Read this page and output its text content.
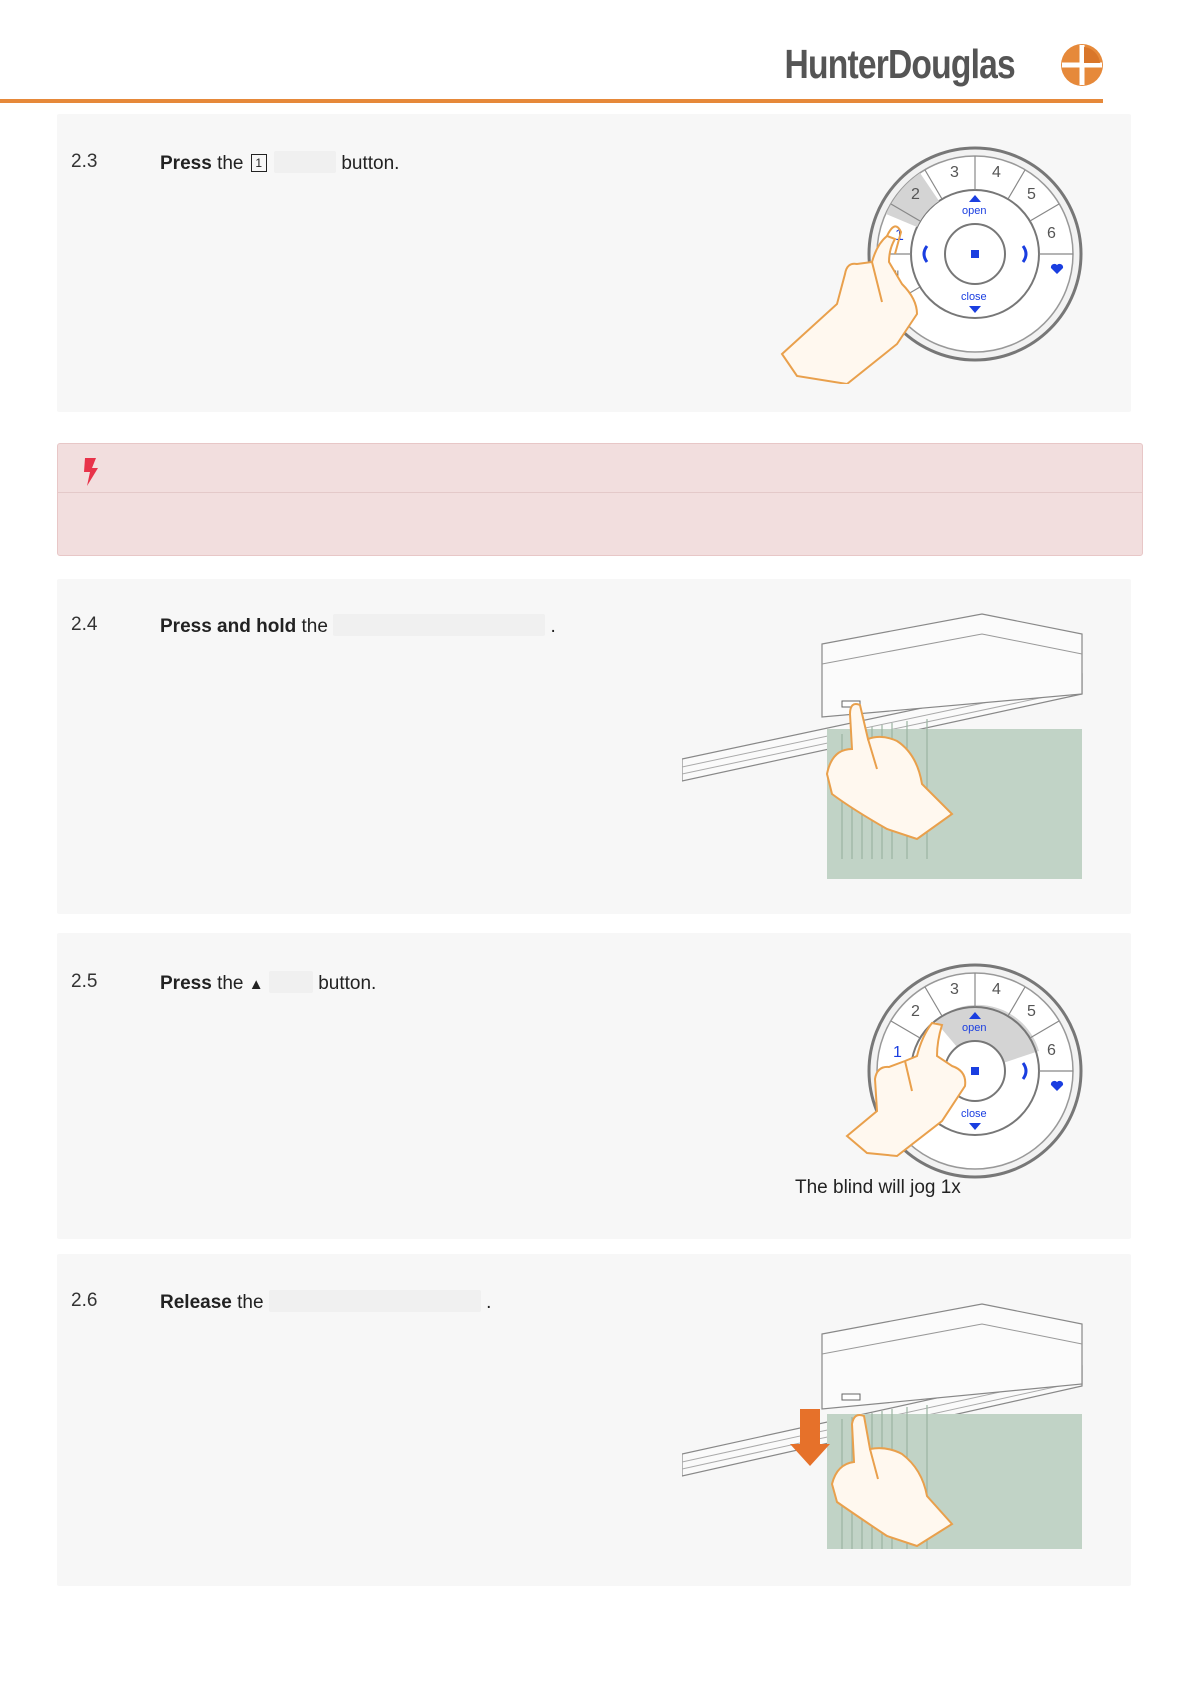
HunterDouglas
2.3	Press the 1	button.
1
2
3 4
5
6
open
close
2.4	Press and hold the	.
2.5	Press the ▲	button.
1
2
3 4
5
6
open
close
The blind will jog 1x
2.6	Release the	.
